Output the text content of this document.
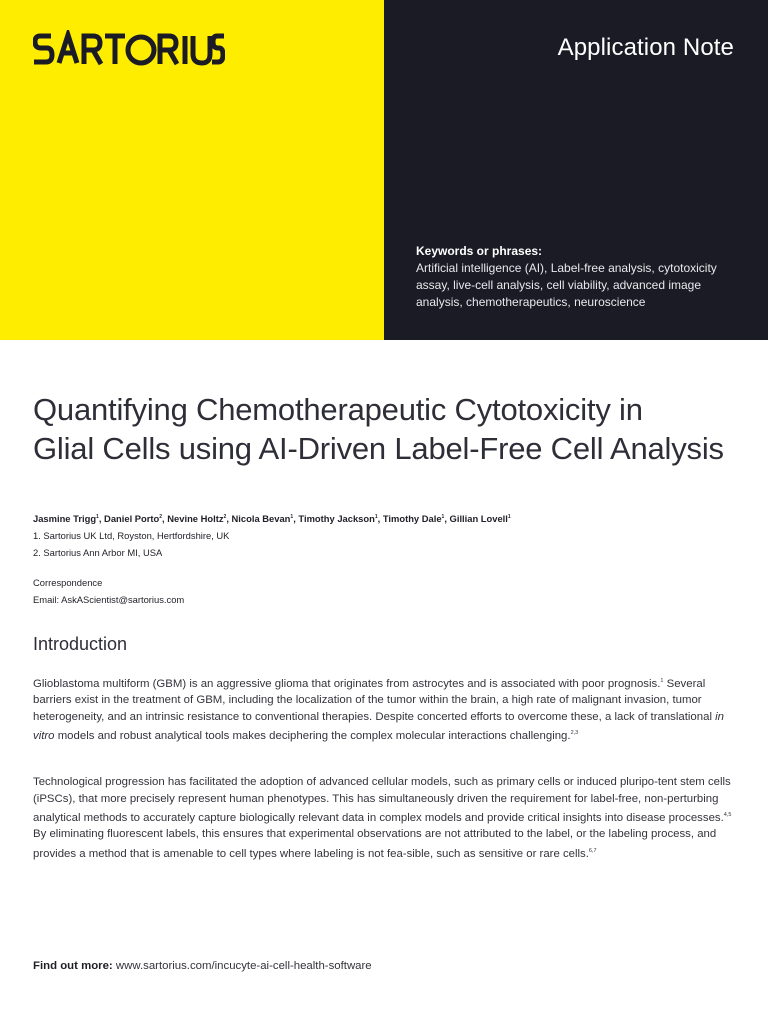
Application Note
Keywords or phrases:
Artificial intelligence (AI), Label-free analysis, cytotoxicity assay, live-cell analysis, cell viability, advanced image analysis, chemotherapeutics, neuroscience
Quantifying Chemotherapeutic Cytotoxicity in
Glial Cells using AI-Driven Label-Free Cell Analysis
Jasmine Trigg$^1$, Daniel Porto$^2$, Nevine Holtz$^2$, Nicola Bevan$^1$, Timothy Jackson$^1$, Timothy Dale$^1$, Gillian Lovell$^1$
1. Sartorius UK Ltd, Royston, Hertfordshire, UK
2. Sartorius Ann Arbor MI, USA
Correspondence
Email: AskAScientist@sartorius.com
Introduction

Glioblastoma multiform (GBM) is an aggressive glioma that originates from astrocytes and is associated with poor prognosis.$^1$ Several barriers exist in the treatment of GBM, including the localization of the tumor within the brain, a high rate of malignant invasion, tumor heterogeneity, and an intrinsic resistance to conventional therapies. Despite concerted efforts to overcome these, a lack of translational in vitro models and robust analytical tools makes deciphering the complex molecular interactions challenging.$^{2,3}$

Technological progression has facilitated the adoption of advanced cellular models, such as primary cells or induced pluripo-tent stem cells (iPSCs), that more precisely represent human phenotypes. This has simultaneously driven the requirement for label-free, non-perturbing analytical methods to accurately capture biologically relevant data in complex models and provide critical insights into disease processes.$^{4,5}$ By eliminating fluorescent labels, this ensures that experimental observations are not attributed to the label, or the labeling process, and provides a method that is amenable to cell types where labeling is not fea-sible, such as sensitive or rare cells.$^{6,7}$

Find out more: www.sartorius.com/incucyte-ai-cell-health-software
